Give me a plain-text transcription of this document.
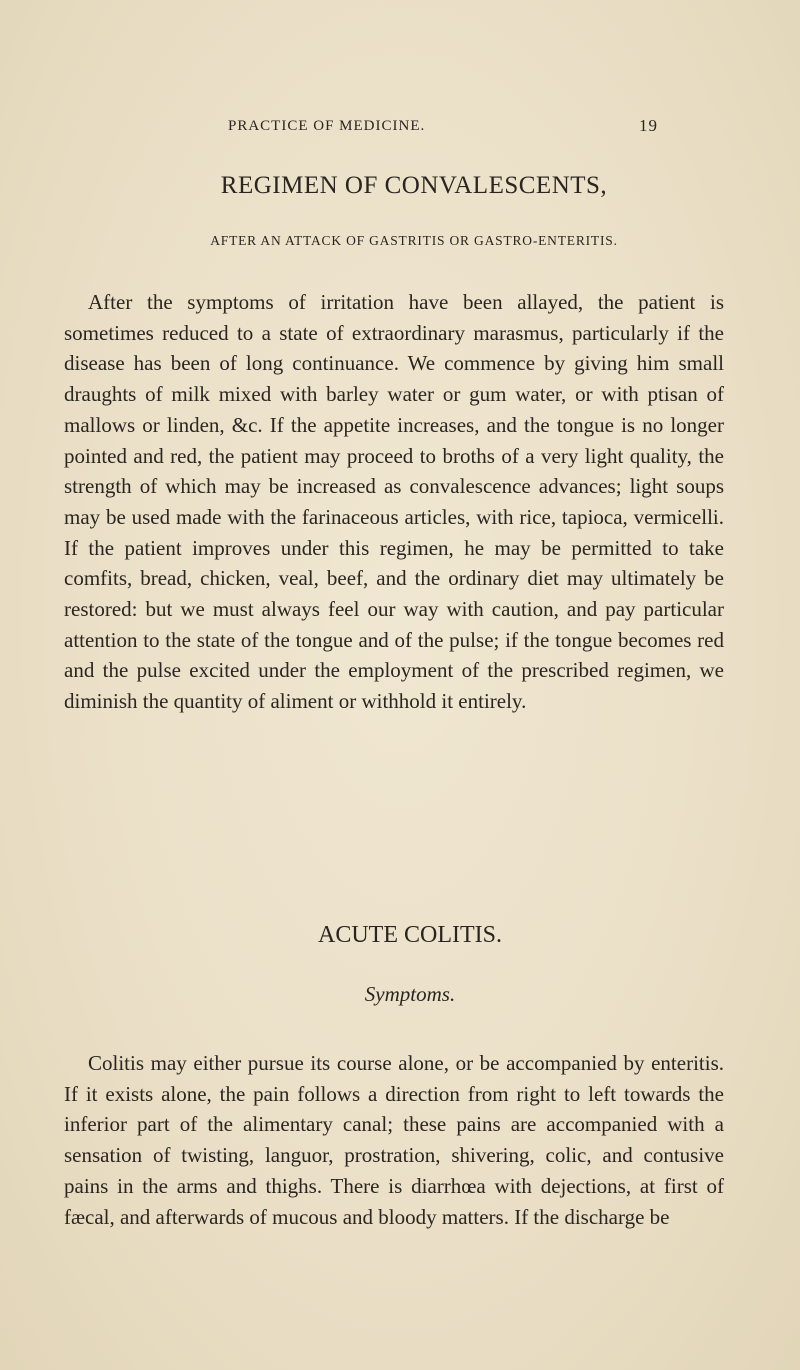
PRACTICE OF MEDICINE.	19
REGIMEN OF CONVALESCENTS,
AFTER AN ATTACK OF GASTRITIS OR GASTRO-ENTERITIS.

After the symptoms of irritation have been allayed, the patient is sometimes reduced to a state of extraordinary marasmus, particularly if the disease has been of long continuance. We commence by giving him small draughts of milk mixed with barley water or gum water, or with ptisan of mallows or linden, &c. If the appetite increases, and the tongue is no longer pointed and red, the patient may proceed to broths of a very light quality, the strength of which may be increased as convalescence advances; light soups may be used made with the farinaceous articles, with rice, tapioca, vermicelli. If the patient improves under this regimen, he may be permitted to take comfits, bread, chicken, veal, beef, and the ordinary diet may ultimately be restored: but we must always feel our way with caution, and pay particular attention to the state of the tongue and of the pulse; if the tongue becomes red and the pulse excited under the employment of the prescribed regimen, we diminish the quantity of aliment or withhold it entirely.

ACUTE COLITIS.
Symptoms.

Colitis may either pursue its course alone, or be accompanied by enteritis. If it exists alone, the pain follows a direction from right to left towards the inferior part of the alimentary canal; these pains are accompanied with a sensation of twisting, languor, prostration, shivering, colic, and contusive pains in the arms and thighs. There is diarrhœa with dejections, at first of fæcal, and afterwards of mucous and bloody matters. If the discharge be
